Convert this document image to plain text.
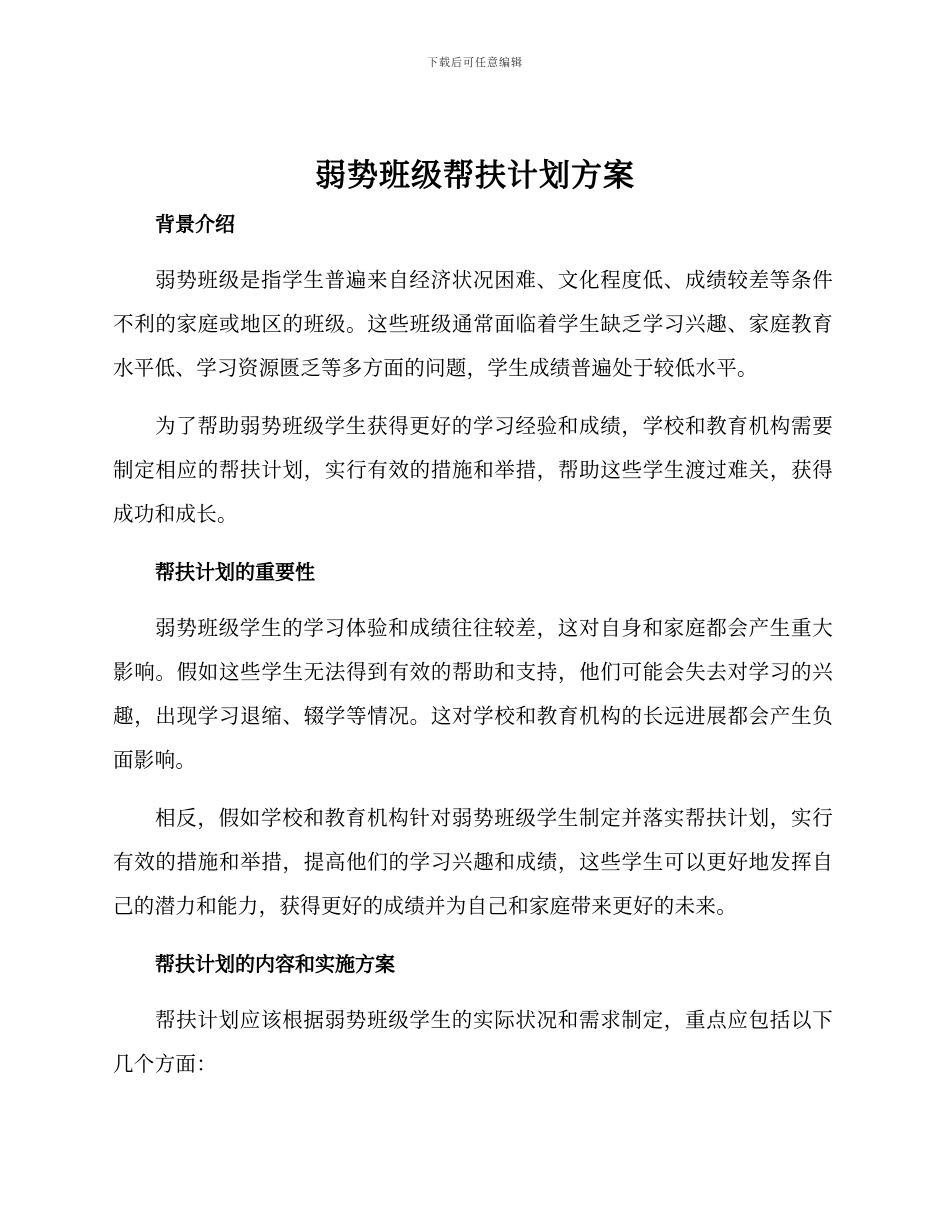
下载后可任意编辑
弱势班级帮扶计划方案
背景介绍

弱势班级是指学生普遍来自经济状况困难、文化程度低、成绩较差等条件不利的家庭或地区的班级。这些班级通常面临着学生缺乏学习兴趣、家庭教育水平低、学习资源匮乏等多方面的问题，学生成绩普遍处于较低水平。

为了帮助弱势班级学生获得更好的学习经验和成绩，学校和教育机构需要制定相应的帮扶计划，实行有效的措施和举措，帮助这些学生渡过难关，获得成功和成长。

帮扶计划的重要性

弱势班级学生的学习体验和成绩往往较差，这对自身和家庭都会产生重大影响。假如这些学生无法得到有效的帮助和支持，他们可能会失去对学习的兴趣，出现学习退缩、辍学等情况。这对学校和教育机构的长远进展都会产生负面影响。

相反，假如学校和教育机构针对弱势班级学生制定并落实帮扶计划，实行有效的措施和举措，提高他们的学习兴趣和成绩，这些学生可以更好地发挥自己的潜力和能力，获得更好的成绩并为自己和家庭带来更好的未来。

帮扶计划的内容和实施方案

帮扶计划应该根据弱势班级学生的实际状况和需求制定，重点应包括以下几个方面：
